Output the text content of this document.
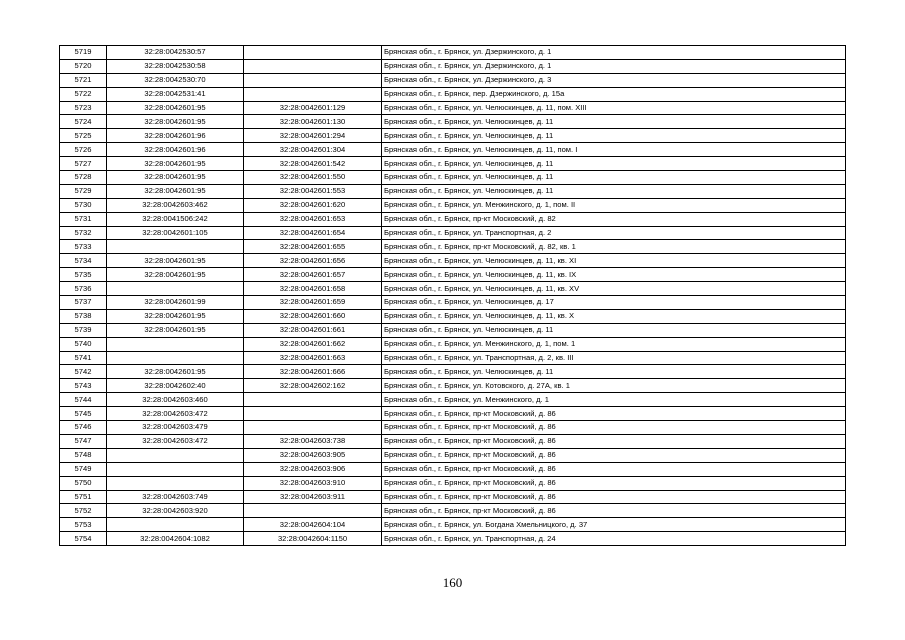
5719	32:28:0042530:57		Брянская обл., г. Брянск, ул. Дзержинского, д. 1
5720	32:28:0042530:58		Брянская обл., г. Брянск, ул. Дзержинского, д. 1
5721	32:28:0042530:70		Брянская обл., г. Брянск, ул. Дзержинского, д. 3
5722	32:28:0042531:41		Брянская обл., г. Брянск, пер. Дзержинского, д. 15а
5723	32:28:0042601:95	32:28:0042601:129	Брянская обл., г. Брянск, ул. Челюскинцев, д. 11, пом. XIII
5724	32:28:0042601:95	32:28:0042601:130	Брянская обл., г. Брянск, ул. Челюскинцев, д. 11
5725	32:28:0042601:96	32:28:0042601:294	Брянская обл., г. Брянск, ул. Челюскинцев, д. 11
5726	32:28:0042601:96	32:28:0042601:304	Брянская обл., г. Брянск, ул. Челюскинцев, д. 11, пом. I
5727	32:28:0042601:95	32:28:0042601:542	Брянская обл., г. Брянск, ул. Челюскинцев, д. 11
5728	32:28:0042601:95	32:28:0042601:550	Брянская обл., г. Брянск, ул. Челюскинцев, д. 11
5729	32:28:0042601:95	32:28:0042601:553	Брянская обл., г. Брянск, ул. Челюскинцев, д. 11
5730	32:28:0042603:462	32:28:0042601:620	Брянская обл., г. Брянск, ул. Менжинского, д. 1, пом. II
5731	32:28:0041506:242	32:28:0042601:653	Брянская обл., г. Брянск, пр-кт Московский, д. 82
5732	32:28:0042601:105	32:28:0042601:654	Брянская обл., г. Брянск, ул. Транспортная, д. 2
5733		32:28:0042601:655	Брянская обл., г. Брянск, пр-кт Московский, д. 82, кв. 1
5734	32:28:0042601:95	32:28:0042601:656	Брянская обл., г. Брянск, ул. Челюскинцев, д. 11, кв. XI
5735	32:28:0042601:95	32:28:0042601:657	Брянская обл., г. Брянск, ул. Челюскинцев, д. 11, кв. IX
5736		32:28:0042601:658	Брянская обл., г. Брянск, ул. Челюскинцев, д. 11, кв. XV
5737	32:28:0042601:99	32:28:0042601:659	Брянская обл., г. Брянск, ул. Челюскинцев, д. 17
5738	32:28:0042601:95	32:28:0042601:660	Брянская обл., г. Брянск, ул. Челюскинцев, д. 11, кв. X
5739	32:28:0042601:95	32:28:0042601:661	Брянская обл., г. Брянск, ул. Челюскинцев, д. 11
5740		32:28:0042601:662	Брянская обл., г. Брянск, ул. Менжинского, д. 1, пом. 1
5741		32:28:0042601:663	Брянская обл., г. Брянск, ул. Транспортная, д. 2, кв. III
5742	32:28:0042601:95	32:28:0042601:666	Брянская обл., г. Брянск, ул. Челюскинцев, д. 11
5743	32:28:0042602:40	32:28:0042602:162	Брянская обл., г. Брянск, ул. Котовского, д. 27А, кв. 1
5744	32:28:0042603:460		Брянская обл., г. Брянск, ул. Менжинского, д. 1
5745	32:28:0042603:472		Брянская обл., г. Брянск, пр-кт Московский, д. 86
5746	32:28:0042603:479		Брянская обл., г. Брянск, пр-кт Московский, д. 86
5747	32:28:0042603:472	32:28:0042603:738	Брянская обл., г. Брянск, пр-кт Московский, д. 86
5748		32:28:0042603:905	Брянская обл., г. Брянск, пр-кт Московский, д. 86
5749		32:28:0042603:906	Брянская обл., г. Брянск, пр-кт Московский, д. 86
5750		32:28:0042603:910	Брянская обл., г. Брянск, пр-кт Московский, д. 86
5751	32:28:0042603:749	32:28:0042603:911	Брянская обл., г. Брянск, пр-кт Московский, д. 86
5752	32:28:0042603:920		Брянская обл., г. Брянск, пр-кт Московский, д. 86
5753		32:28:0042604:104	Брянская обл., г. Брянск, ул. Богдана Хмельницкого, д. 37
5754	32:28:0042604:1082	32:28:0042604:1150	Брянская обл., г. Брянск, ул. Транспортная, д. 24
160
